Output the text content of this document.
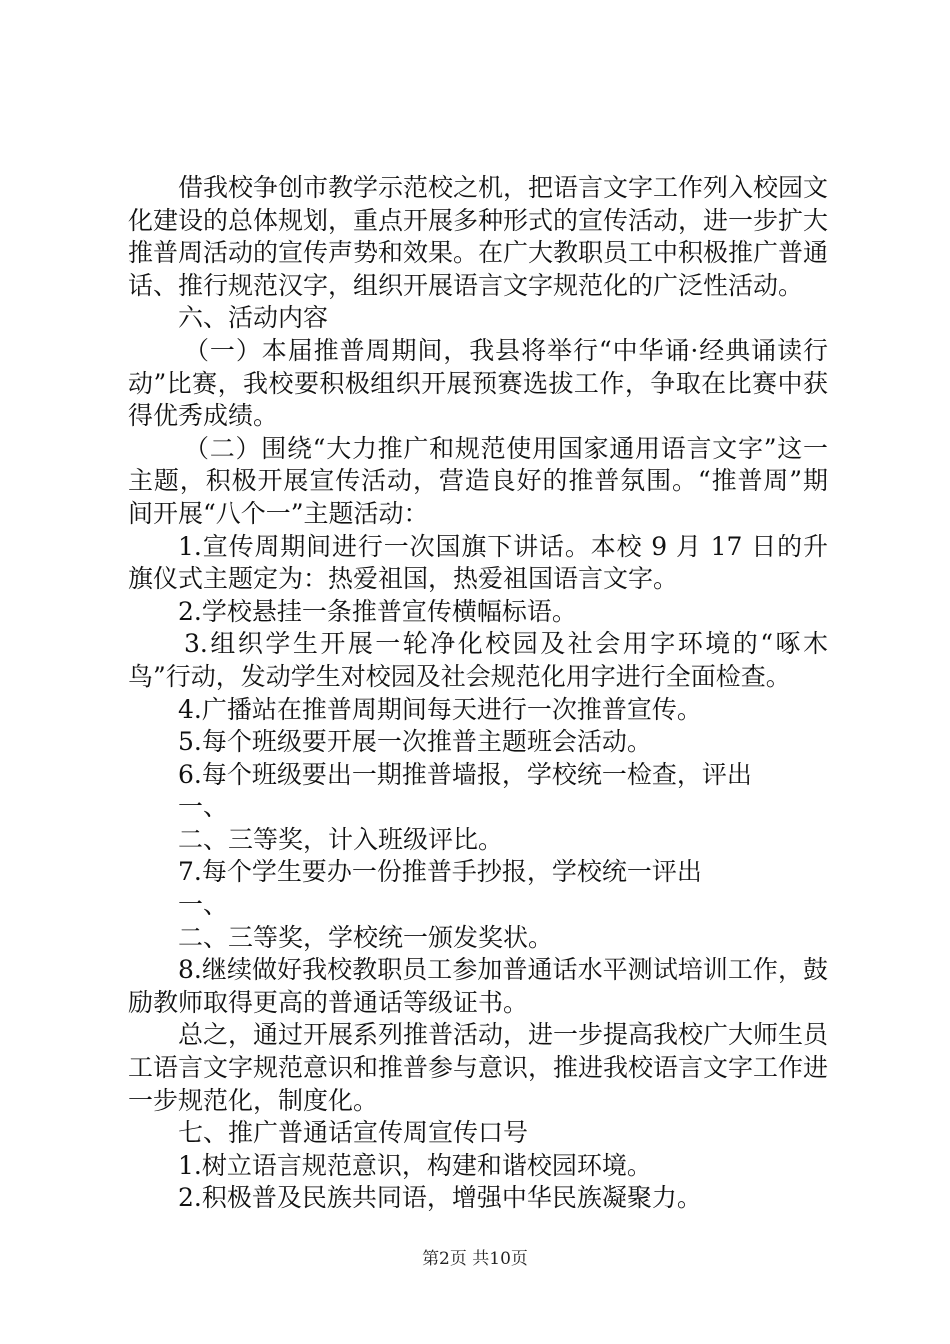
借我校争创市教学示范校之机，把语言文字工作列入校园文化建设的总体规划，重点开展多种形式的宣传活动，进一步扩大推普周活动的宣传声势和效果。在广大教职员工中积极推广普通话、推行规范汉字，组织开展语言文字规范化的广泛性活动。

六、活动内容

（一）本届推普周期间，我县将举行“中华诵·经典诵读行动”比赛，我校要积极组织开展预赛选拔工作，争取在比赛中获得优秀成绩。

（二）围绕“大力推广和规范使用国家通用语言文字”这一主题，积极开展宣传活动，营造良好的推普氛围。“推普周”期间开展“八个一”主题活动：

1.宣传周期间进行一次国旗下讲话。本校 9 月 17 日的升旗仪式主题定为：热爱祖国，热爱祖国语言文字。

2.学校悬挂一条推普宣传横幅标语。

3.组织学生开展一轮净化校园及社会用字环境的“啄木鸟”行动，发动学生对校园及社会规范化用字进行全面检查。

4.广播站在推普周期间每天进行一次推普宣传。

5.每个班级要开展一次推普主题班会活动。

6.每个班级要出一期推普墙报，学校统一检查，评出

一、

二、三等奖，计入班级评比。

7.每个学生要办一份推普手抄报，学校统一评出

一、

二、三等奖，学校统一颁发奖状。

8.继续做好我校教职员工参加普通话水平测试培训工作，鼓励教师取得更高的普通话等级证书。

总之，通过开展系列推普活动，进一步提高我校广大师生员工语言文字规范意识和推普参与意识，推进我校语言文字工作进一步规范化，制度化。

七、推广普通话宣传周宣传口号

1.树立语言规范意识，构建和谐校园环境。

2.积极普及民族共同语，增强中华民族凝聚力。

第2页 共10页
